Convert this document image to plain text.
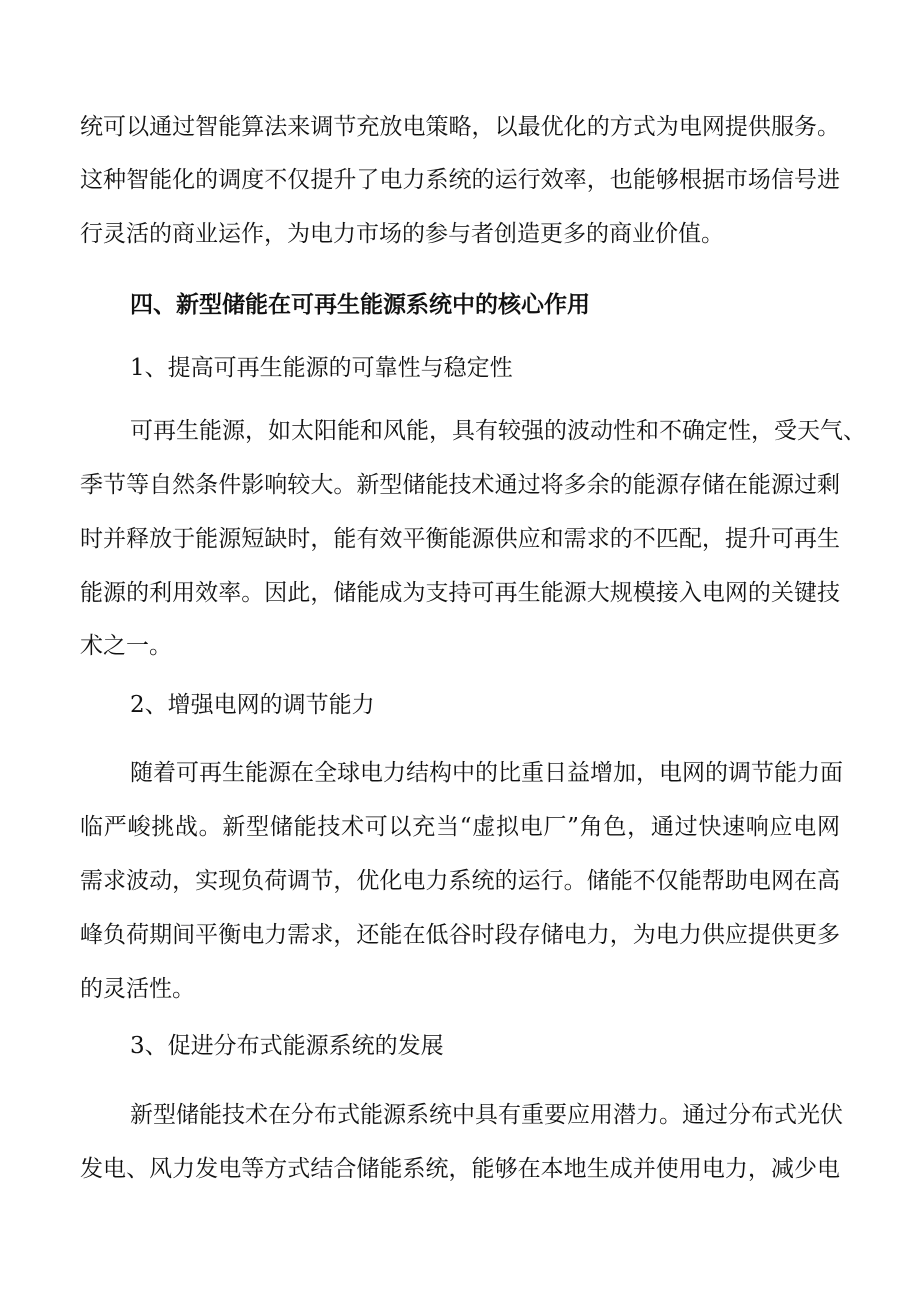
统可以通过智能算法来调节充放电策略，以最优化的方式为电网提供服务。
这种智能化的调度不仅提升了电力系统的运行效率，也能够根据市场信号进
行灵活的商业运作，为电力市场的参与者创造更多的商业价值。
四、新型储能在可再生能源系统中的核心作用
1、提高可再生能源的可靠性与稳定性
可再生能源，如太阳能和风能，具有较强的波动性和不确定性，受天气、
季节等自然条件影响较大。新型储能技术通过将多余的能源存储在能源过剩
时并释放于能源短缺时，能有效平衡能源供应和需求的不匹配，提升可再生
能源的利用效率。因此，储能成为支持可再生能源大规模接入电网的关键技
术之一。
2、增强电网的调节能力
随着可再生能源在全球电力结构中的比重日益增加，电网的调节能力面
临严峻挑战。新型储能技术可以充当“虚拟电厂”角色，通过快速响应电网
需求波动，实现负荷调节，优化电力系统的运行。储能不仅能帮助电网在高
峰负荷期间平衡电力需求，还能在低谷时段存储电力，为电力供应提供更多
的灵活性。
3、促进分布式能源系统的发展
新型储能技术在分布式能源系统中具有重要应用潜力。通过分布式光伏
发电、风力发电等方式结合储能系统，能够在本地生成并使用电力，减少电
